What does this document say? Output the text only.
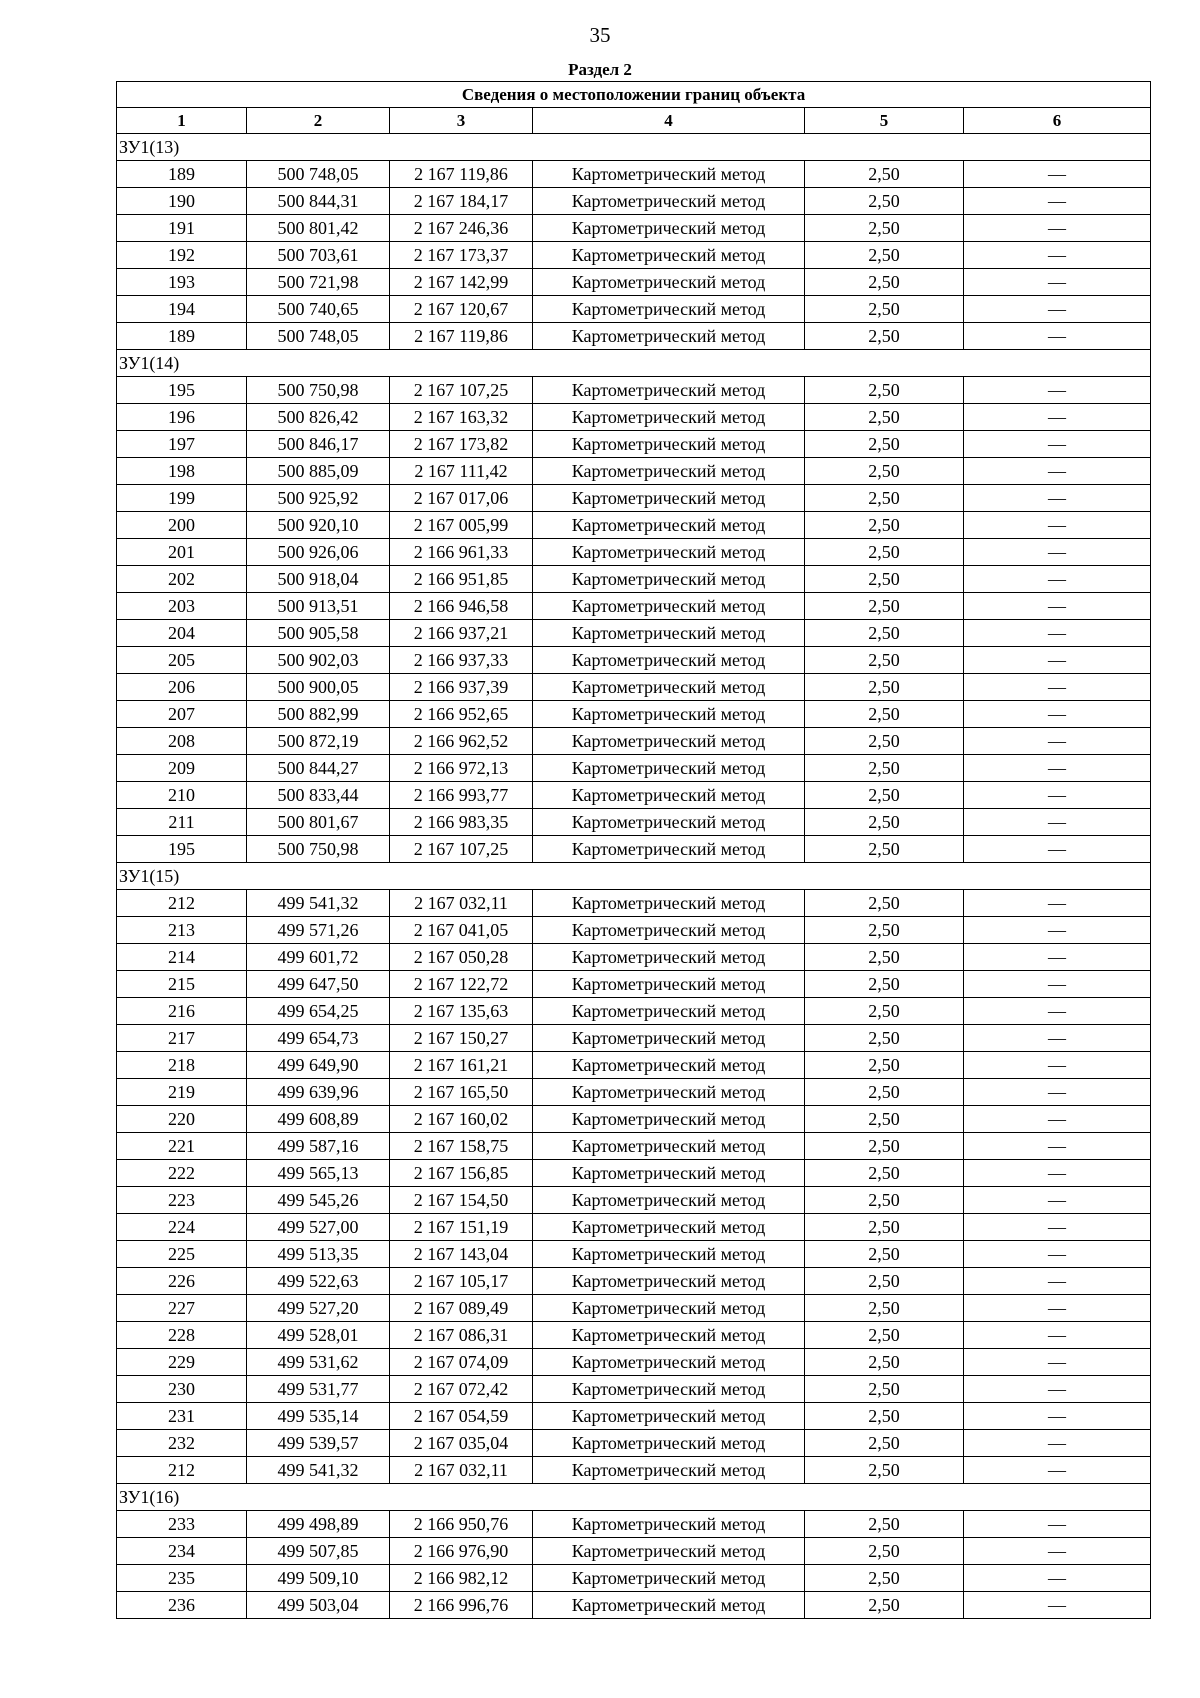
35
Раздел 2
Сведения о местоположении границ объекта					
1	2	3	4	5	6
ЗУ1(13)					
189	500 748,05	2 167 119,86	Картометрический метод	2,50	—
190	500 844,31	2 167 184,17	Картометрический метод	2,50	—
191	500 801,42	2 167 246,36	Картометрический метод	2,50	—
192	500 703,61	2 167 173,37	Картометрический метод	2,50	—
193	500 721,98	2 167 142,99	Картометрический метод	2,50	—
194	500 740,65	2 167 120,67	Картометрический метод	2,50	—
189	500 748,05	2 167 119,86	Картометрический метод	2,50	—
ЗУ1(14)					
195	500 750,98	2 167 107,25	Картометрический метод	2,50	—
196	500 826,42	2 167 163,32	Картометрический метод	2,50	—
197	500 846,17	2 167 173,82	Картометрический метод	2,50	—
198	500 885,09	2 167 111,42	Картометрический метод	2,50	—
199	500 925,92	2 167 017,06	Картометрический метод	2,50	—
200	500 920,10	2 167 005,99	Картометрический метод	2,50	—
201	500 926,06	2 166 961,33	Картометрический метод	2,50	—
202	500 918,04	2 166 951,85	Картометрический метод	2,50	—
203	500 913,51	2 166 946,58	Картометрический метод	2,50	—
204	500 905,58	2 166 937,21	Картометрический метод	2,50	—
205	500 902,03	2 166 937,33	Картометрический метод	2,50	—
206	500 900,05	2 166 937,39	Картометрический метод	2,50	—
207	500 882,99	2 166 952,65	Картометрический метод	2,50	—
208	500 872,19	2 166 962,52	Картометрический метод	2,50	—
209	500 844,27	2 166 972,13	Картометрический метод	2,50	—
210	500 833,44	2 166 993,77	Картометрический метод	2,50	—
211	500 801,67	2 166 983,35	Картометрический метод	2,50	—
195	500 750,98	2 167 107,25	Картометрический метод	2,50	—
ЗУ1(15)					
212	499 541,32	2 167 032,11	Картометрический метод	2,50	—
213	499 571,26	2 167 041,05	Картометрический метод	2,50	—
214	499 601,72	2 167 050,28	Картометрический метод	2,50	—
215	499 647,50	2 167 122,72	Картометрический метод	2,50	—
216	499 654,25	2 167 135,63	Картометрический метод	2,50	—
217	499 654,73	2 167 150,27	Картометрический метод	2,50	—
218	499 649,90	2 167 161,21	Картометрический метод	2,50	—
219	499 639,96	2 167 165,50	Картометрический метод	2,50	—
220	499 608,89	2 167 160,02	Картометрический метод	2,50	—
221	499 587,16	2 167 158,75	Картометрический метод	2,50	—
222	499 565,13	2 167 156,85	Картометрический метод	2,50	—
223	499 545,26	2 167 154,50	Картометрический метод	2,50	—
224	499 527,00	2 167 151,19	Картометрический метод	2,50	—
225	499 513,35	2 167 143,04	Картометрический метод	2,50	—
226	499 522,63	2 167 105,17	Картометрический метод	2,50	—
227	499 527,20	2 167 089,49	Картометрический метод	2,50	—
228	499 528,01	2 167 086,31	Картометрический метод	2,50	—
229	499 531,62	2 167 074,09	Картометрический метод	2,50	—
230	499 531,77	2 167 072,42	Картометрический метод	2,50	—
231	499 535,14	2 167 054,59	Картометрический метод	2,50	—
232	499 539,57	2 167 035,04	Картометрический метод	2,50	—
212	499 541,32	2 167 032,11	Картометрический метод	2,50	—
ЗУ1(16)					
233	499 498,89	2 166 950,76	Картометрический метод	2,50	—
234	499 507,85	2 166 976,90	Картометрический метод	2,50	—
235	499 509,10	2 166 982,12	Картометрический метод	2,50	—
236	499 503,04	2 166 996,76	Картометрический метод	2,50	—
